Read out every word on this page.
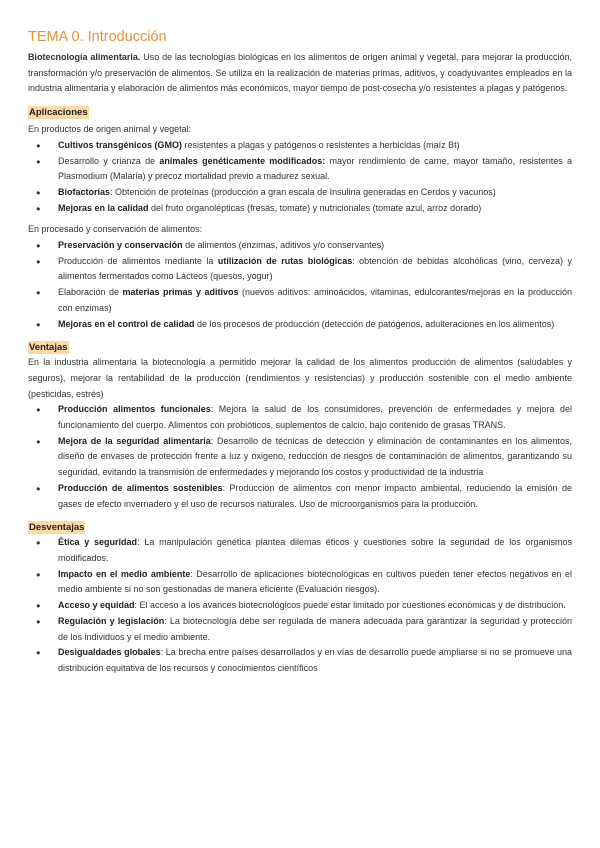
TEMA 0. Introducción

Biotecnología alimentaria. Uso de las tecnologías biológicas en los alimentos de origen animal y vegetal, para mejorar la producción, transformación y/o preservación de alimentos. Se utiliza en la realización de materias primas, aditivos, y coadyuvantes empleados en la industria alimentaria y elaboración de alimentos más económicos, mayor tiempo de post-cosecha y/o resistentes a plagas y patógenos.

Aplicaciones

En productos de origen animal y vegetal:

● Cultivos transgénicos (GMO) resistentes a plagas y patógenos o resistentes a herbicidas (maíz Bt)
● Desarrollo y crianza de animales genéticamente modificados: mayor rendimiento de carne, mayor tamaño, resistentes a Plasmodium (Malaria) y precoz mortalidad previo a madurez sexual.
● Biofactorías: Obtención de proteínas (producción a gran escala de Insulina generadas en Cerdos y vacunos)
● Mejoras en la calidad del fruto organolépticas (fresas, tomate) y nutricionales (tomate azul, arroz dorado)

En procesado y conservación de alimentos:

● Preservación y conservación de alimentos (enzimas, aditivos y/o conservantes)
● Producción de alimentos mediante la utilización de rutas biológicas: obtención de bebidas alcohólicas (vino, cerveza) y alimentos fermentados como Lácteos (quesos, yogur)
● Elaboración de materias primas y aditivos (nuevos aditivos: aminoácidos, vitaminas, edulcorantes/mejoras en la producción con enzimas)
● Mejoras en el control de calidad de los procesos de producción (detección de patógenos, adulteraciones en los alimentos)
Ventajas

En la industria alimentaria la biotecnología a permitido mejorar la calidad de los alimentos producción de alimentos (saludables y seguros), mejorar la rentabilidad de la producción (rendimientos y resistencias) y producción sostenible con el medio ambiente (pesticidas, estrés)

● Producción alimentos funcionales: Mejora la salud de los consumidores, prevención de enfermedades y mejora del funcionamiento del cuerpo. Alimentos con probióticos, suplementos de calcio, bajo contenido de grasas TRANS.
● Mejora de la seguridad alimentaria: Desarrollo de técnicas de detección y eliminación de contaminantes en los alimentos, diseño de envases de protección frente a luz y oxigeno, reducción de riesgos de contaminación de alimentos, garantizando su seguridad, evitando la transmisión de enfermedades y mejorando los costos y productividad de la industria
● Producción de alimentos sostenibles: Producción de alimentos con menor impacto ambiental, reduciendo la emisión de gases de efecto invernadero y el uso de recursos naturales. Uso de microorganismos para la producción.
Desventajas
● Ética y seguridad: La manipulación genética plantea dilemas éticos y cuestiones sobre la seguridad de los organismos modificados.
● Impacto en el medio ambiente: Desarrollo de aplicaciones biotecnológicas en cultivos pueden tener efectos negativos en el medio ambiente si no son gestionadas de manera eficiente (Evaluación riesgos).
● Acceso y equidad: El acceso a los avances biotecnológicos puede estar limitado por cuestiones económicas y de distribución.
● Regulación y legislación: La biotecnología debe ser regulada de manera adecuada para garantizar la seguridad y protección de los individuos y el medio ambiente.
● Desigualdades globales: La brecha entre países desarrollados y en vías de desarrollo puede ampliarse si no se promueve una distribución equitativa de los recursos y conocimientos científicos
